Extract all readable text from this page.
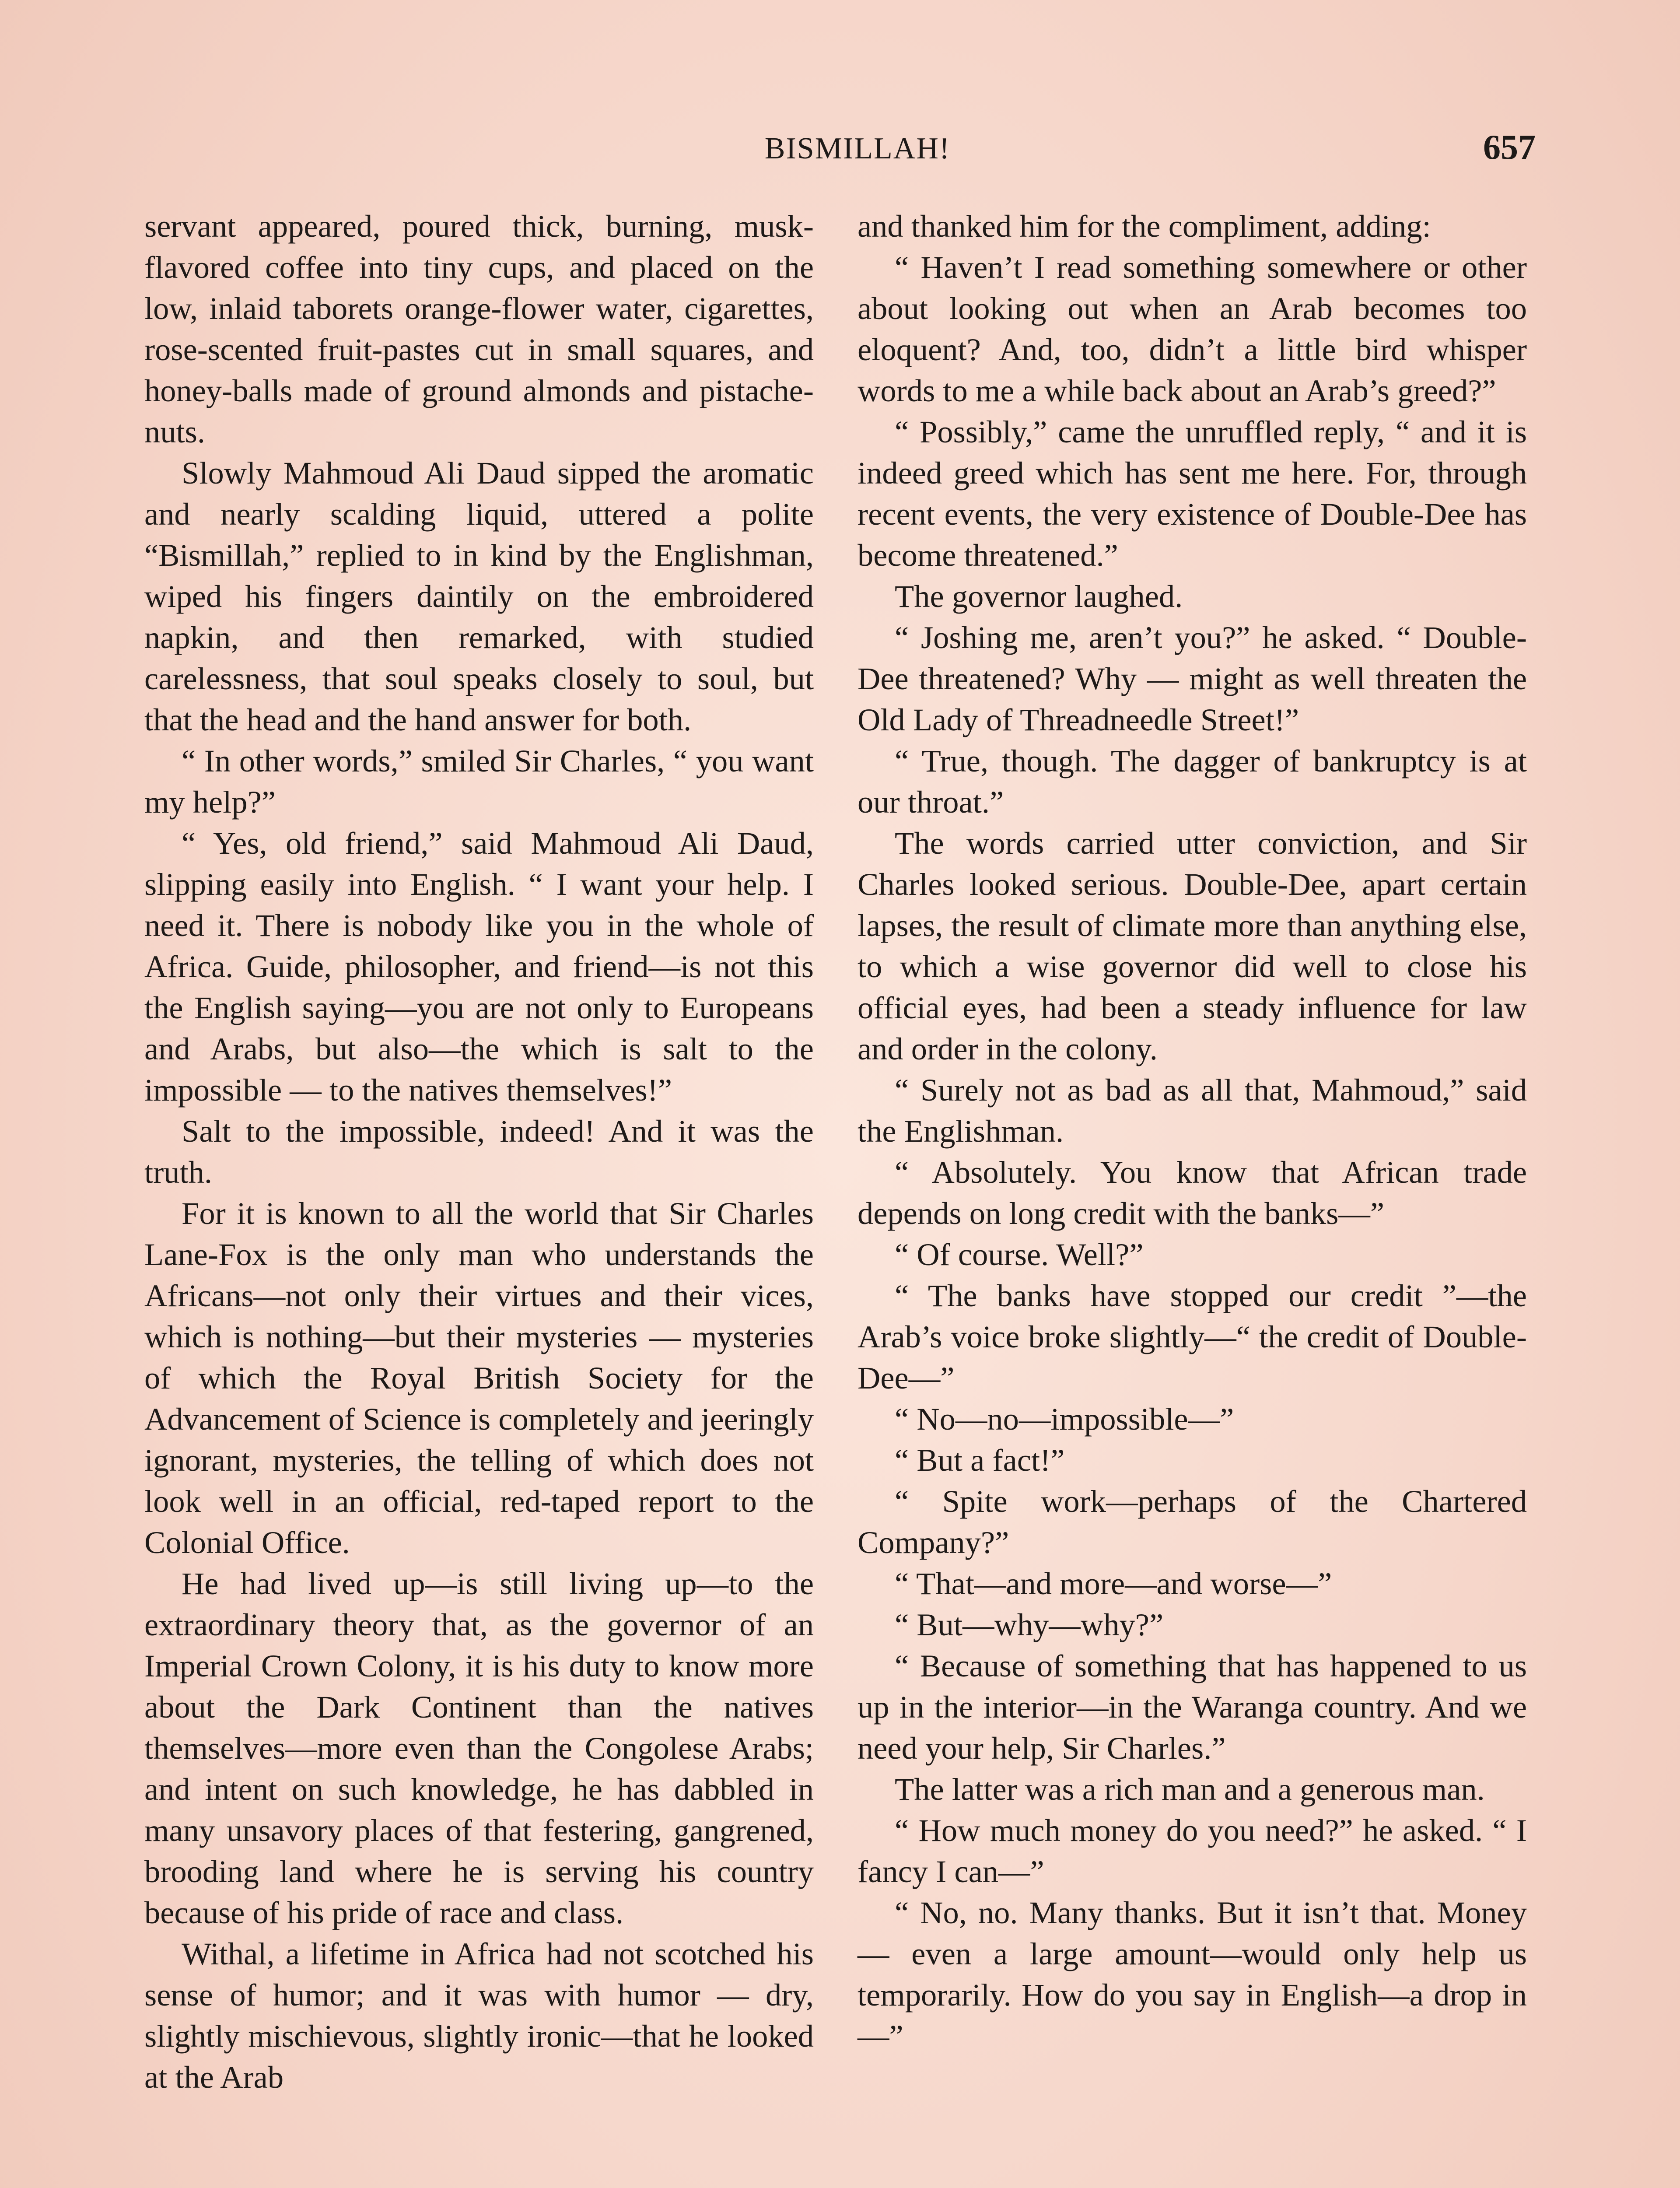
BISMILLAH!	657

servant appeared, poured thick, burning, musk-flavored coffee into tiny cups, and placed on the low, inlaid taborets orange-flower water, cigarettes, rose-scented fruit-pastes cut in small squares, and honey-balls made of ground almonds and pistache-nuts.

Slowly Mahmoud Ali Daud sipped the aromatic and nearly scalding liquid, uttered a polite “Bismillah,” replied to in kind by the Englishman, wiped his fingers daintily on the embroidered napkin, and then remarked, with studied carelessness, that soul speaks closely to soul, but that the head and the hand answer for both.

“ In other words,” smiled Sir Charles, “ you want my help?”

“ Yes, old friend,” said Mahmoud Ali Daud, slipping easily into English. “ I want your help. I need it. There is nobody like you in the whole of Africa. Guide, philosopher, and friend—is not this the English saying—you are not only to Europeans and Arabs, but also—the which is salt to the impossible — to the natives themselves!”

Salt to the impossible, indeed! And it was the truth.

For it is known to all the world that Sir Charles Lane-Fox is the only man who understands the Africans—not only their virtues and their vices, which is nothing—but their mysteries — mysteries of which the Royal British Society for the Advancement of Science is completely and jeeringly ignorant, mysteries, the telling of which does not look well in an official, red-taped report to the Colonial Office.

He had lived up—is still living up—to the extraordinary theory that, as the governor of an Imperial Crown Colony, it is his duty to know more about the Dark Continent than the natives themselves—more even than the Congolese Arabs; and intent on such knowledge, he has dabbled in many unsavory places of that festering, gangrened, brooding land where he is serving his country because of his pride of race and class.

Withal, a lifetime in Africa had not scotched his sense of humor; and it was with humor — dry, slightly mischievous, slightly ironic—that he looked at the Arab

and thanked him for the compliment, adding:

“ Haven’t I read something somewhere or other about looking out when an Arab becomes too eloquent? And, too, didn’t a little bird whisper words to me a while back about an Arab’s greed?”

“ Possibly,” came the unruffled reply, “ and it is indeed greed which has sent me here. For, through recent events, the very existence of Double-Dee has become threatened.”

The governor laughed.

“ Joshing me, aren’t you?” he asked. “ Double-Dee threatened? Why — might as well threaten the Old Lady of Threadneedle Street!”

“ True, though. The dagger of bankruptcy is at our throat.”

The words carried utter conviction, and Sir Charles looked serious. Double-Dee, apart certain lapses, the result of climate more than anything else, to which a wise governor did well to close his official eyes, had been a steady influence for law and order in the colony.

“ Surely not as bad as all that, Mahmoud,” said the Englishman.

“ Absolutely. You know that African trade depends on long credit with the banks—”

“ Of course. Well?”

“ The banks have stopped our credit ”—the Arab’s voice broke slightly—“ the credit of Double-Dee—”

“ No—no—impossible—”

“ But a fact!”

“ Spite work—perhaps of the Chartered Company?”

“ That—and more—and worse—”

“ But—why—why?”

“ Because of something that has happened to us up in the interior—in the Waranga country. And we need your help, Sir Charles.”

The latter was a rich man and a generous man.

“ How much money do you need?” he asked. “ I fancy I can—”

“ No, no. Many thanks. But it isn’t that. Money — even a large amount—would only help us temporarily. How do you say in English—a drop in—”
